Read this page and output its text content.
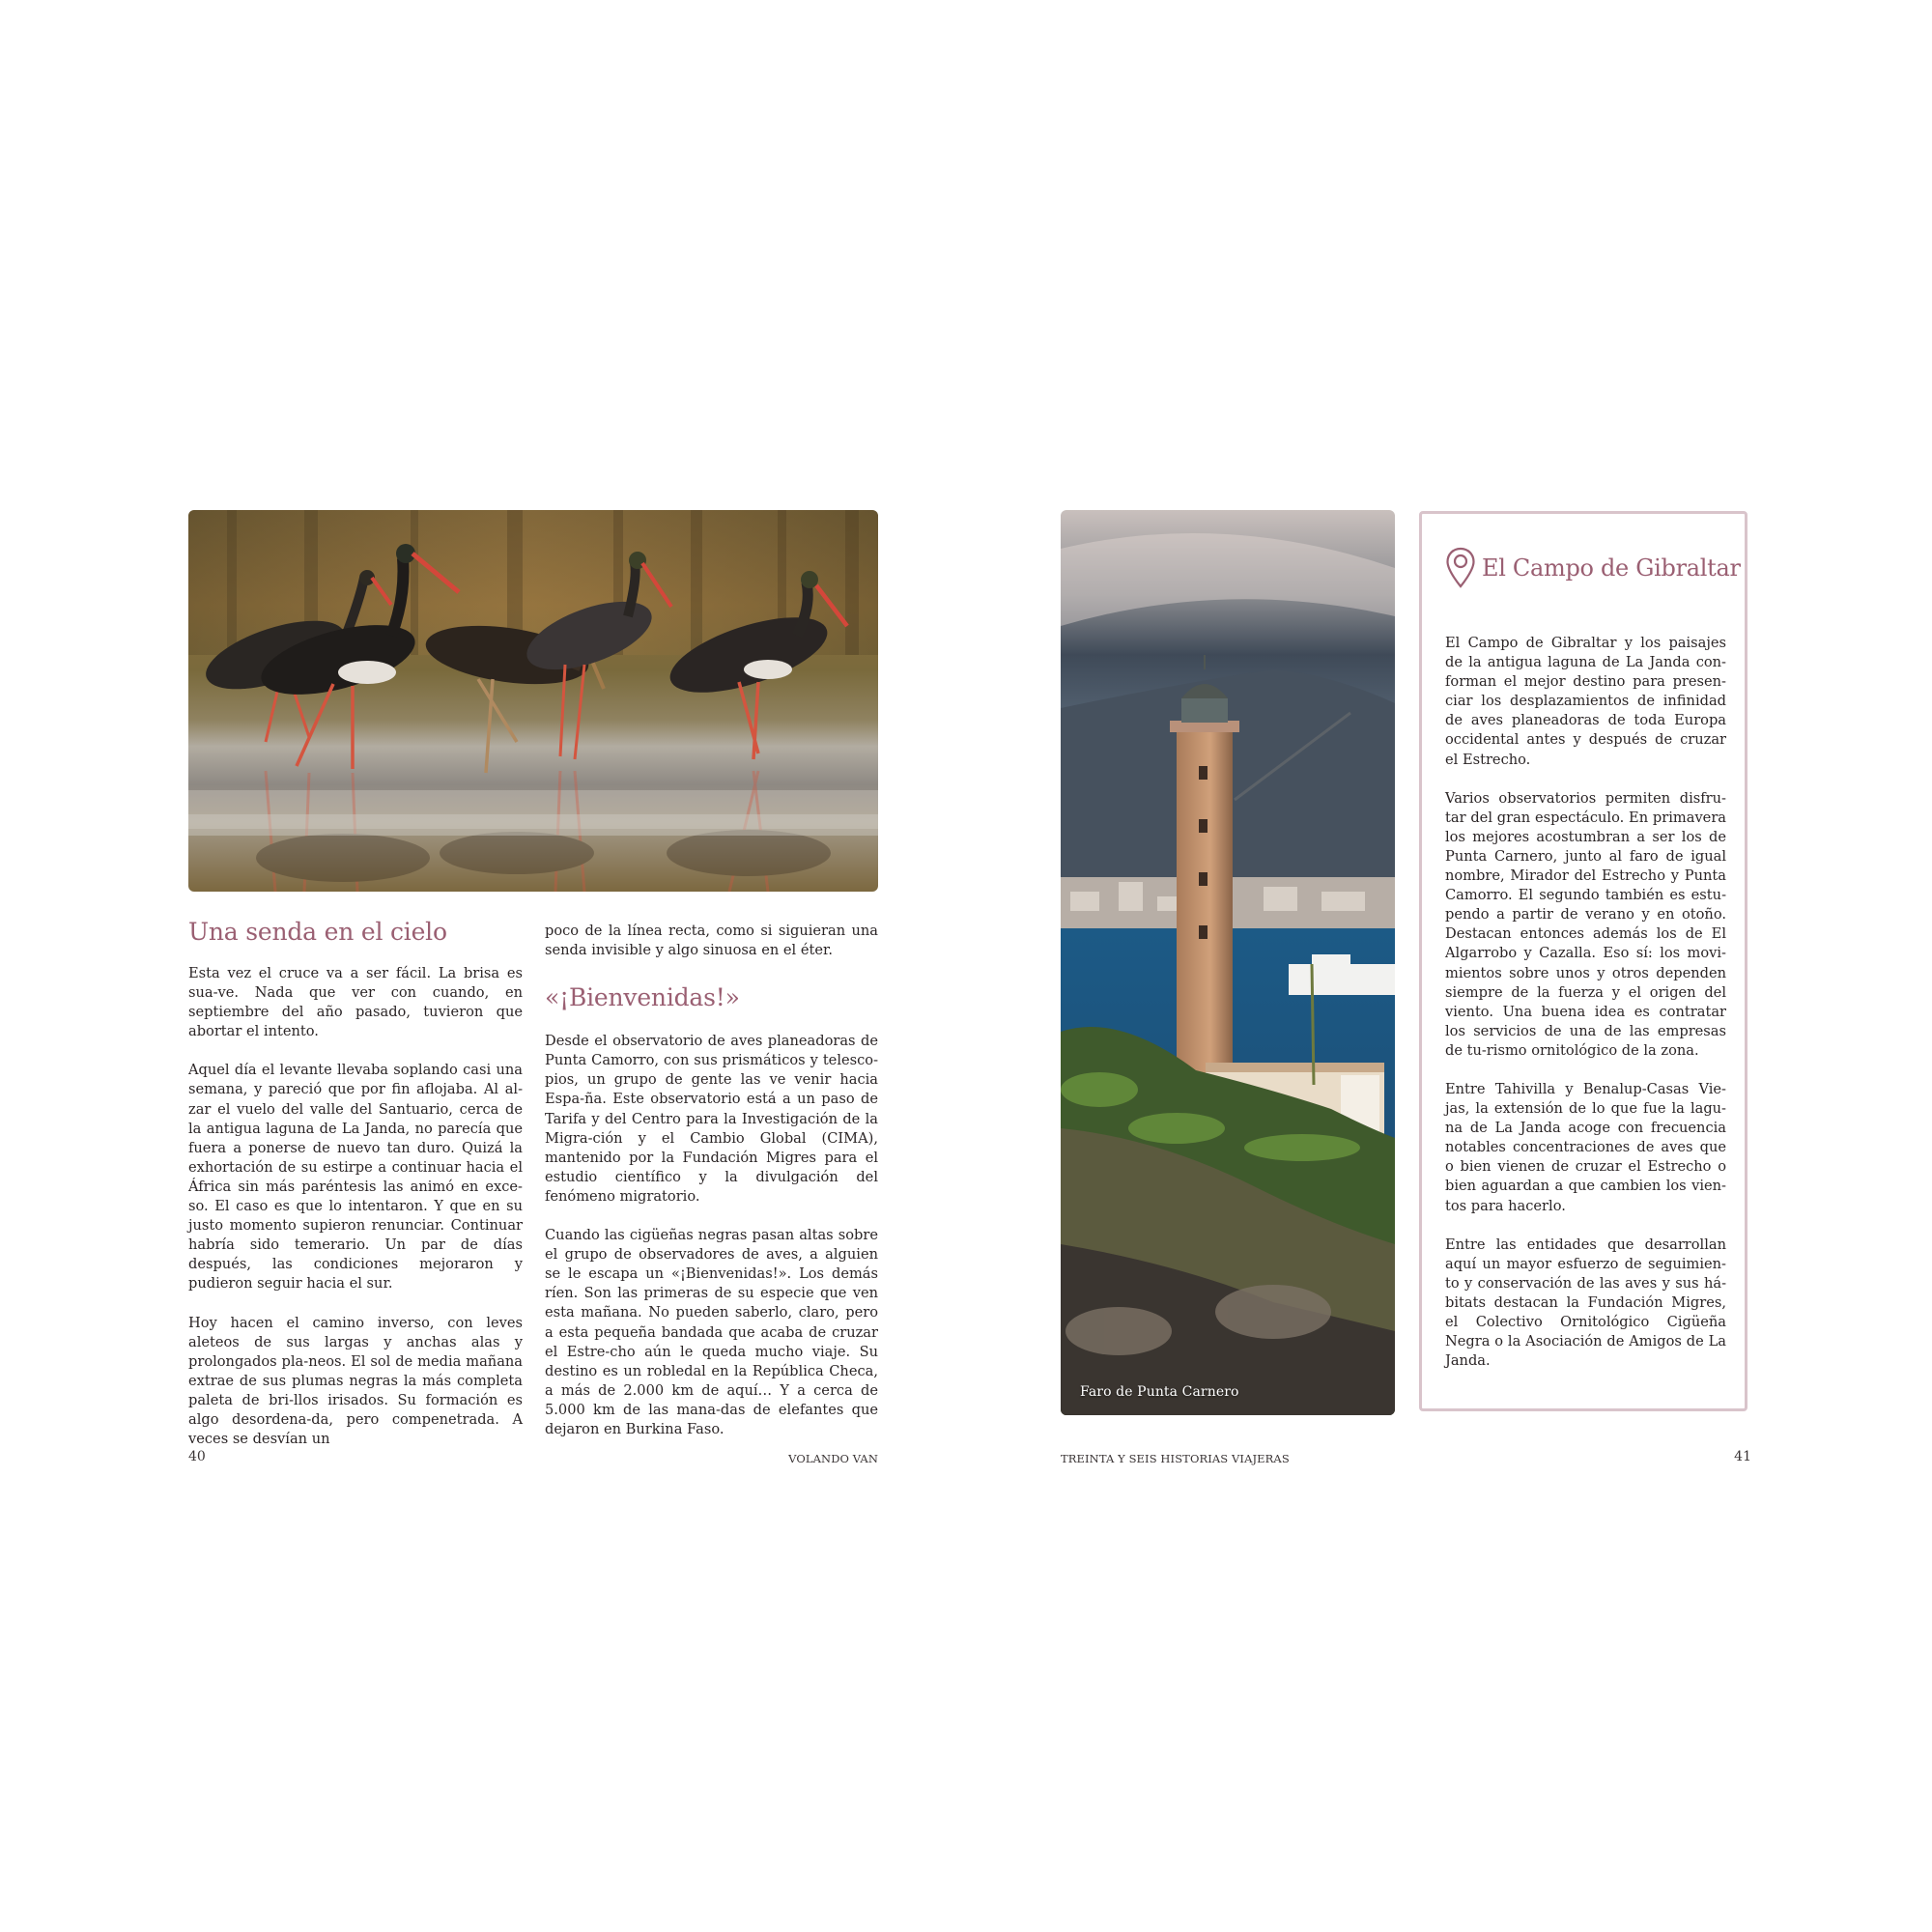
Una senda en el cielo

Esta vez el cruce va a ser fácil. La brisa es sua-ve. Nada que ver con cuando, en septiembre del año pasado, tuvieron que abortar el intento.

Aquel día el levante llevaba soplando casi una semana, y pareció que por fin aflojaba. Al al-zar el vuelo del valle del Santuario, cerca de la antigua laguna de La Janda, no parecía que fuera a ponerse de nuevo tan duro. Quizá la exhortación de su estirpe a continuar hacia el África sin más paréntesis las animó en exce-so. El caso es que lo intentaron. Y que en su justo momento supieron renunciar. Continuar habría sido temerario. Un par de días después, las condiciones mejoraron y pudieron seguir hacia el sur.

Hoy hacen el camino inverso, con leves aleteos de sus largas y anchas alas y prolongados pla-neos. El sol de media mañana extrae de sus plumas negras la más completa paleta de bri-llos irisados. Su formación es algo desordena-da, pero compenetrada. A veces se desvían un

poco de la línea recta, como si siguieran una senda invisible y algo sinuosa en el éter.

«¡Bienvenidas!»

Desde el observatorio de aves planeadoras de Punta Camorro, con sus prismáticos y telesco-pios, un grupo de gente las ve venir hacia Espa-ña. Este observatorio está a un paso de Tarifa y del Centro para la Investigación de la Migra-ción y el Cambio Global (CIMA), mantenido por la Fundación Migres para el estudio científico y la divulgación del fenómeno migratorio.

Cuando las cigüeñas negras pasan altas sobre el grupo de observadores de aves, a alguien se le escapa un «¡Bienvenidas!». Los demás ríen. Son las primeras de su especie que ven esta mañana. No pueden saberlo, claro, pero a esta pequeña bandada que acaba de cruzar el Estre-cho aún le queda mucho viaje. Su destino es un robledal en la República Checa, a más de 2.000 km de aquí… Y a cerca de 5.000 km de las mana-das de elefantes que dejaron en Burkina Faso.

40	VOLANDO VAN
Faro de Punta Carnero
El Campo de Gibraltar

El Campo de Gibraltar y los paisajes de la antigua laguna de La Janda con-forman el mejor destino para presen-ciar los desplazamientos de infinidad de aves planeadoras de toda Europa occidental antes y después de cruzar el Estrecho.

Varios observatorios permiten disfru-tar del gran espectáculo. En primavera los mejores acostumbran a ser los de Punta Carnero, junto al faro de igual nombre, Mirador del Estrecho y Punta Camorro. El segundo también es estu-pendo a partir de verano y en otoño. Destacan entonces además los de El Algarrobo y Cazalla. Eso sí: los movi-mientos sobre unos y otros dependen siempre de la fuerza y el origen del viento. Una buena idea es contratar los servicios de una de las empresas de tu-rismo ornitológico de la zona.

Entre Tahivilla y Benalup-Casas Vie-jas, la extensión de lo que fue la lagu-na de La Janda acoge con frecuencia notables concentraciones de aves que o bien vienen de cruzar el Estrecho o bien aguardan a que cambien los vien-tos para hacerlo.

Entre las entidades que desarrollan aquí un mayor esfuerzo de seguimien-to y conservación de las aves y sus há-bitats destacan la Fundación Migres, el Colectivo Ornitológico Cigüeña Negra o la Asociación de Amigos de La Janda.

TREINTA Y SEIS HISTORIAS VIAJERAS	41
